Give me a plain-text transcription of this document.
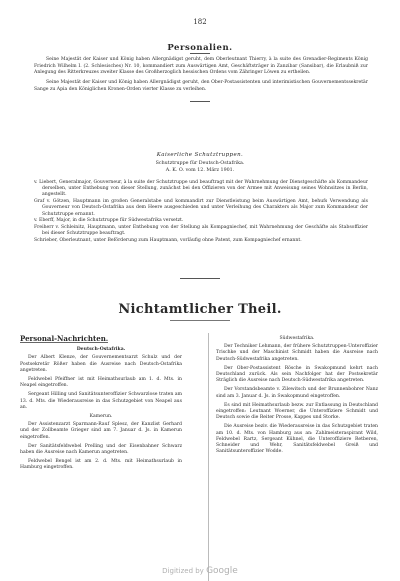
182
Personalien.
Seine Majestät der Kaiser und König haben Allergnädigst geruht, dem Oberleutnant Thierry, à la suite des Grenadier-Regiments König Friedrich Wilhelm I. (2. Schlesisches) Nr. 10, kommandiert zum Auswärtigen Amt, Geschäftsträger in Zanzibar (Sansibar), die Erlaubniß zur Anlegung des Ritterkreuzes zweiter Klasse des Großherzoglich hessischen Ordens vom Zähringer Löwen zu ertheilen.
Seine Majestät der Kaiser und König haben Allergnädigst geruht, den Ober-Postassistenten und interimistischen Gouvernementssekretär Sange zu Apia den Königlichen Kronen-Orden vierter Klasse zu verleihen.
Kaiserliche Schutztruppen.
Schutztruppe für Deutsch-Ostafrika.
A. K. O. vom 12. März 1901.

v. Liebert, Generalmajor, Gouverneur, à la suite der Schutztruppe und beauftragt mit der Wahrnehmung der Dienstgeschäfte als Kommandeur derselben, unter Enthebung von dieser Stellung, zunächst bei den Offizieren von der Armee mit Anweisung seines Wohnsitzes in Berlin, angestellt.

Graf v. Götzen, Hauptmann im großen Generalstabe und kommandirt zur Dienstleistung beim Auswärtigen Amt, behufs Verwendung als Gouverneur von Deutsch-Ostafrika aus dem Heere ausgeschieden und unter Verleihung des Charakters als Major zum Kommandeur der Schutztruppe ernannt.

v. Eberff, Major, in die Schutztruppe für Südwestafrika versetzt.

Freiherr v. Schleinitz, Hauptmann, unter Enthebung von der Stellung als Kompagniechef, mit Wahrnehmung der Geschäfte als Stabsoffizier bei dieser Schutztruppe beauftragt.

Schrieber, Oberleutnant, unter Beförderung zum Hauptmann, vorläufig ohne Patent, zum Kompagniechef ernannt.

Nichtamtlicher Theil.
Personal-Nachrichten.
Deutsch-Ostafrika.

Der Albert Klenze, der Gouvernementsarzt Schulz und der Postsekretär Rößer haben die Ausreise nach Deutsch-Ostafrika angetreten.

Feldwebel Pfeiffner ist mit Heimathsurlaub am 1. d. Mts. in Neapel eingetroffen.

Sergeant Hilling und Sanitätsunteroffizier Schwarzlose traten am 13. d. Mts. die Wiederausreise in das Schutzgebiet von Neapel aus an.

Kamerun.

Der Assistenzarzt Sparmann-Rauf Splesz, der Kanzlist Gerhard und der Zollbeamte Grieger sind am 7. Januar d. Js. in Kamerun eingetroffen.

Der Sanitätsfeldwebel Prelling und der Eisenbahner Schwarz haben die Ausreise nach Kamerun angetreten.

Feldwebel Bengel ist am 2. d. Mts. mit Heimathsurlaub in Hamburg eingetroffen.

Südwestafrika.

Der Techniker Lehmann, der frühere Schutztruppen-Unteroffizier Trischke und der Maschinist Schmidt haben die Ausreise nach Deutsch-Südwestafrika angetreten.

Der Ober-Postassistent Rösche in Swakopmund kehrt nach Deutschland zurück. Als sein Nachfolger hat der Postsekretär Sträglich die Ausreise nach Deutsch-Südwestafrika angetreten.

Der Vorstandsbeamte v. Zilewitsch und der Brunnenbohrer Nanz sind am 3. Januar d. Js. in Swakopmund eingetroffen.

Es sind mit Heimathsurlaub bezw. zur Entlassung in Deutschland eingetroffen: Leutnant Woerner, die Unteroffiziere Schmidt und Deutsch sowie die Reiter Prosse, Kappes und Storke.

Die Ausreise beziv. die Wiederausreise in das Schutzgebiet traten am 10. d. Mts. von Hamburg aus an: Zahlmeisteraspirant Wild, Feldwebel Rartz, Sergeant Kühnel, die Unteroffiziere Retberen, Schneider und Wehr, Sanitätsfeldwebel Greiß und Sanitätsunteroffizier Wodde.

Digitized by Google
